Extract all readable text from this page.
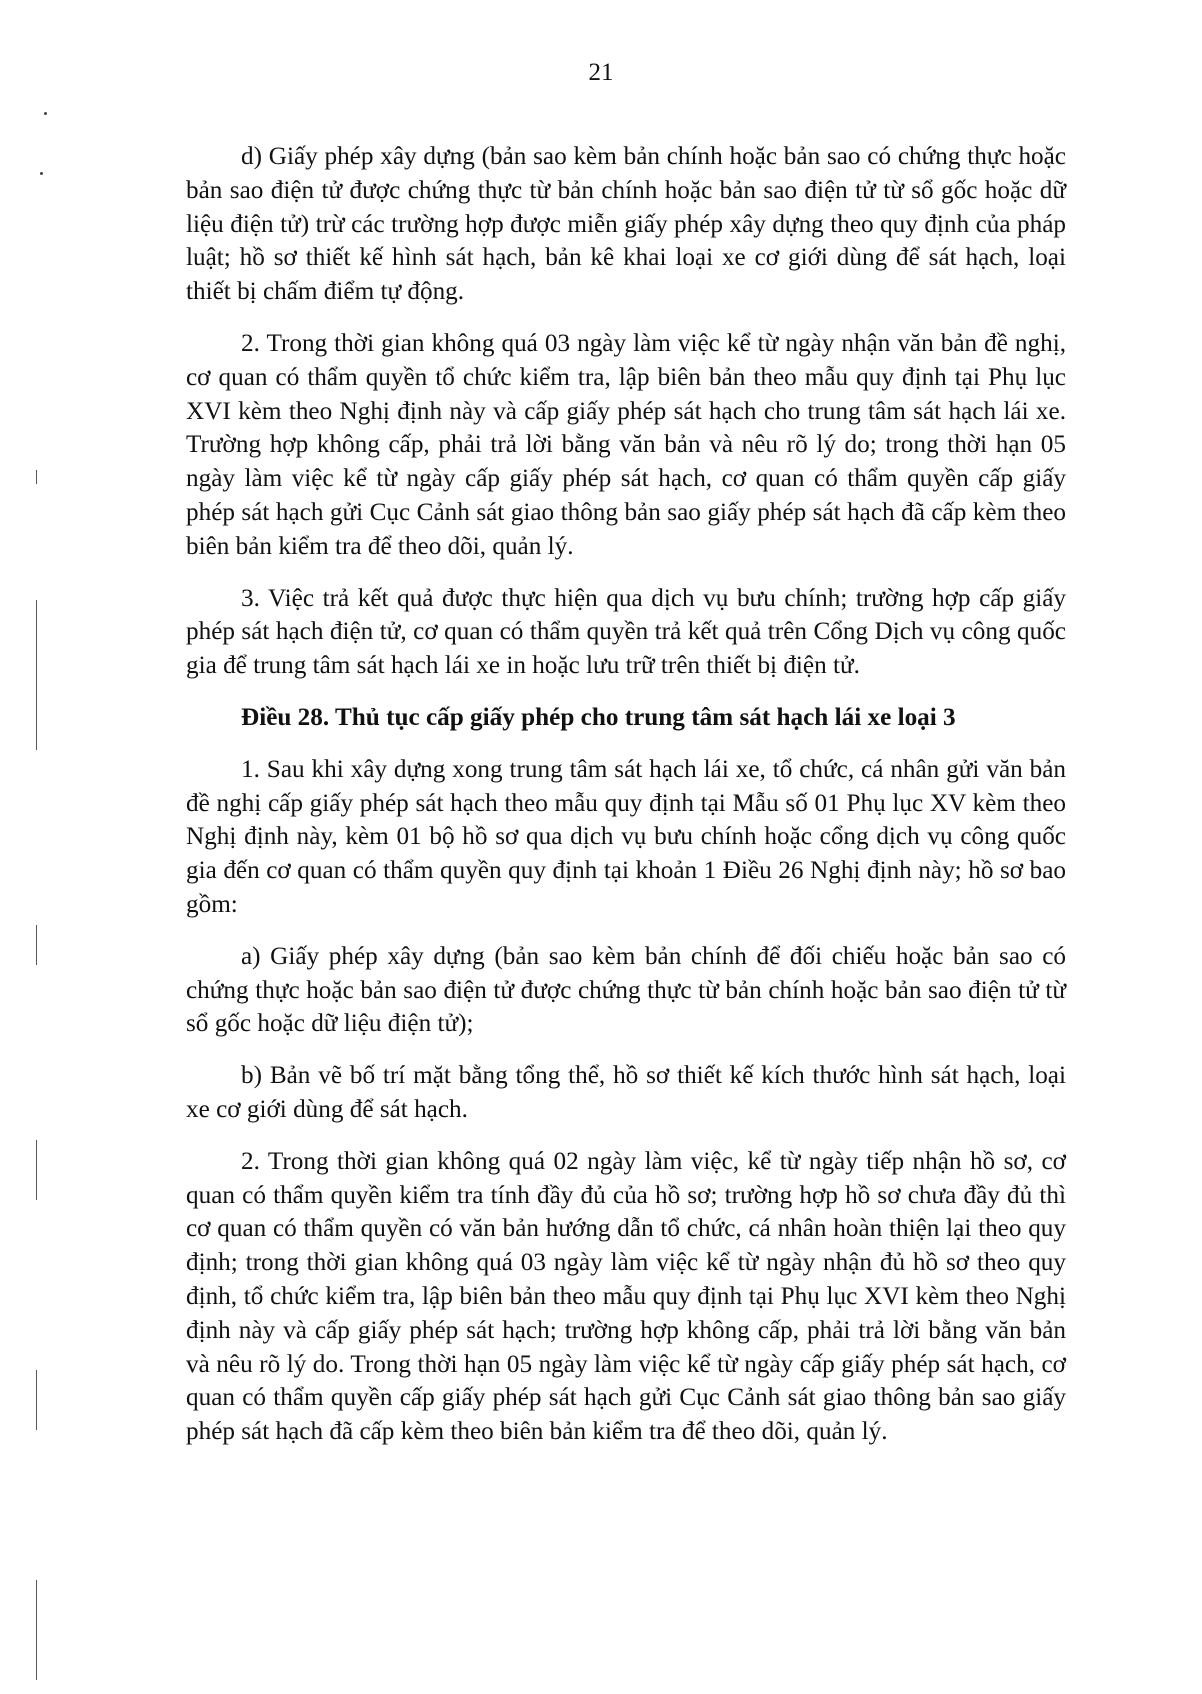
21

d) Giấy phép xây dựng (bản sao kèm bản chính hoặc bản sao có chứng thực hoặc bản sao điện tử được chứng thực từ bản chính hoặc bản sao điện tử từ sổ gốc hoặc dữ liệu điện tử) trừ các trường hợp được miễn giấy phép xây dựng theo quy định của pháp luật; hồ sơ thiết kế hình sát hạch, bản kê khai loại xe cơ giới dùng để sát hạch, loại thiết bị chấm điểm tự động.

2. Trong thời gian không quá 03 ngày làm việc kể từ ngày nhận văn bản đề nghị, cơ quan có thẩm quyền tổ chức kiểm tra, lập biên bản theo mẫu quy định tại Phụ lục XVI kèm theo Nghị định này và cấp giấy phép sát hạch cho trung tâm sát hạch lái xe. Trường hợp không cấp, phải trả lời bằng văn bản và nêu rõ lý do; trong thời hạn 05 ngày làm việc kể từ ngày cấp giấy phép sát hạch, cơ quan có thẩm quyền cấp giấy phép sát hạch gửi Cục Cảnh sát giao thông bản sao giấy phép sát hạch đã cấp kèm theo biên bản kiểm tra để theo dõi, quản lý.

3. Việc trả kết quả được thực hiện qua dịch vụ bưu chính; trường hợp cấp giấy phép sát hạch điện tử, cơ quan có thẩm quyền trả kết quả trên Cổng Dịch vụ công quốc gia để trung tâm sát hạch lái xe in hoặc lưu trữ trên thiết bị điện tử.

Điều 28. Thủ tục cấp giấy phép cho trung tâm sát hạch lái xe loại 3

1. Sau khi xây dựng xong trung tâm sát hạch lái xe, tổ chức, cá nhân gửi văn bản đề nghị cấp giấy phép sát hạch theo mẫu quy định tại Mẫu số 01 Phụ lục XV kèm theo Nghị định này, kèm 01 bộ hồ sơ qua dịch vụ bưu chính hoặc cổng dịch vụ công quốc gia đến cơ quan có thẩm quyền quy định tại khoản 1 Điều 26 Nghị định này; hồ sơ bao gồm:

a) Giấy phép xây dựng (bản sao kèm bản chính để đối chiếu hoặc bản sao có chứng thực hoặc bản sao điện tử được chứng thực từ bản chính hoặc bản sao điện tử từ sổ gốc hoặc dữ liệu điện tử);

b) Bản vẽ bố trí mặt bằng tổng thể, hồ sơ thiết kế kích thước hình sát hạch, loại xe cơ giới dùng để sát hạch.

2. Trong thời gian không quá 02 ngày làm việc, kể từ ngày tiếp nhận hồ sơ, cơ quan có thẩm quyền kiểm tra tính đầy đủ của hồ sơ; trường hợp hồ sơ chưa đầy đủ thì cơ quan có thẩm quyền có văn bản hướng dẫn tổ chức, cá nhân hoàn thiện lại theo quy định; trong thời gian không quá 03 ngày làm việc kể từ ngày nhận đủ hồ sơ theo quy định, tổ chức kiểm tra, lập biên bản theo mẫu quy định tại Phụ lục XVI kèm theo Nghị định này và cấp giấy phép sát hạch; trường hợp không cấp, phải trả lời bằng văn bản và nêu rõ lý do. Trong thời hạn 05 ngày làm việc kể từ ngày cấp giấy phép sát hạch, cơ quan có thẩm quyền cấp giấy phép sát hạch gửi Cục Cảnh sát giao thông bản sao giấy phép sát hạch đã cấp kèm theo biên bản kiểm tra để theo dõi, quản lý.
